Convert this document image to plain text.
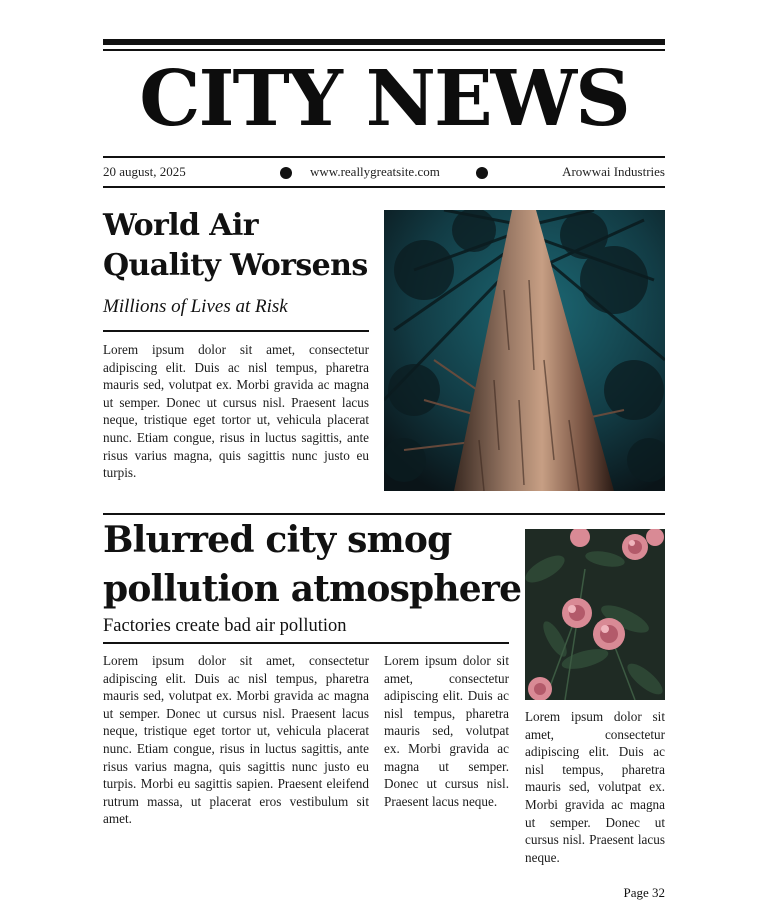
CITY NEWS
20 august, 2025	www.reallygreatsite.com	Arowwai Industries
World Air Quality Worsens
Millions of Lives at Risk
Lorem ipsum dolor sit amet, consectetur adipiscing elit. Duis ac nisl tempus, pharetra mauris sed, volutpat ex. Morbi gravida ac magna ut semper. Donec ut cursus nisl. Praesent lacus neque, tristique eget tortor ut, vehicula placerat nunc. Etiam congue, risus in luctus sagittis, ante risus varius magna, quis sagittis nunc justo eu turpis.
Blurred city smog pollution atmosphere
Factories create bad air pollution
Lorem ipsum dolor sit amet, consectetur adipiscing elit. Duis ac nisl tempus, pharetra mauris sed, volutpat ex. Morbi gravida ac magna ut semper. Donec ut cursus nisl. Praesent lacus neque, tristique eget tortor ut, vehicula placerat nunc. Etiam congue, risus in luctus sagittis, ante risus varius magna, quis sagittis nunc justo eu turpis. Morbi eu sagittis sapien. Praesent eleifend rutrum massa, ut placerat eros vestibulum sit amet.
Lorem ipsum dolor sit amet, consectetur adipiscing elit. Duis ac nisl tempus, pharetra mauris sed, volutpat ex. Morbi gravida ac magna ut semper. Donec ut cursus nisl. Praesent lacus neque.
Lorem ipsum dolor sit amet, consectetur adipiscing elit. Duis ac nisl tempus, pharetra mauris sed, volutpat ex. Morbi gravida ac magna ut semper. Donec ut cursus nisl. Praesent lacus neque.
Page 32
